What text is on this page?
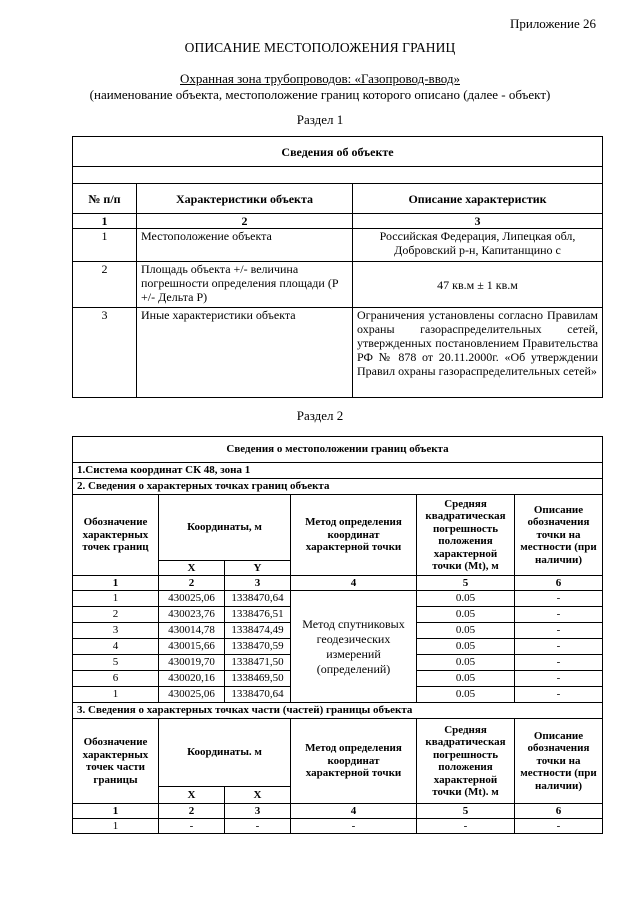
Приложение 26
ОПИСАНИЕ МЕСТОПОЛОЖЕНИЯ ГРАНИЦ
Охранная зона трубопроводов: «Газопровод-ввод»
(наименование объекта, местоположение границ которого описано (далее - объект)
Раздел 1
Сведения об объекте		

№ п/п	Характеристики объекта	Описание характеристик
1	2	3
1	Местоположение объекта	Российская Федерация, Липецкая обл, Добровский р-н, Капитанщино с
2	Площадь объекта +/- величина погрешности определения площади (Р +/- Дельта Р)	47 кв.м ± 1 кв.м
3	Иные характеристики объекта	Ограничения установлены согласно Правилам охраны газораспределительных сетей, утвержденных постановлением Правительства РФ № 878 от 20.11.2000г. «Об утверждении Правил охраны газораспределительных сетей»
Раздел 2
Сведения о местоположении границ объекта					
1.Система координат СК 48, зона 1					
2. Сведения о характерных точках границ объекта					
Обозначение характерных точек границ	Координаты, м		Метод определения координат характерной точки	Средняя квадратическая погрешность положения характерной точки (Mt), м	Описание обозначения точки на местности (при наличии)
	X	Y			
1	2	3	4	5	6
1	430025,06	1338470,64	Метод спутниковых геодезических измерений (определений)	0.05	-
2	430023,76	1338476,51		0.05	-
3	430014,78	1338474,49		0.05	-
4	430015,66	1338470,59		0.05	-
5	430019,70	1338471,50		0.05	-
6	430020,16	1338469,50		0.05	-
1	430025,06	1338470,64		0.05	-
3. Сведения о характерных точках части (частей) границы объекта					
Обозначение характерных точек части границы	Координаты. м		Метод определения координат характерной точки	Средняя квадратическая погрешность положения характерной точки (Mt). м	Описание обозначения точки на местности (при наличии)
	X	X			
1	2	3	4	5	6
1	-	-	-	-	-
